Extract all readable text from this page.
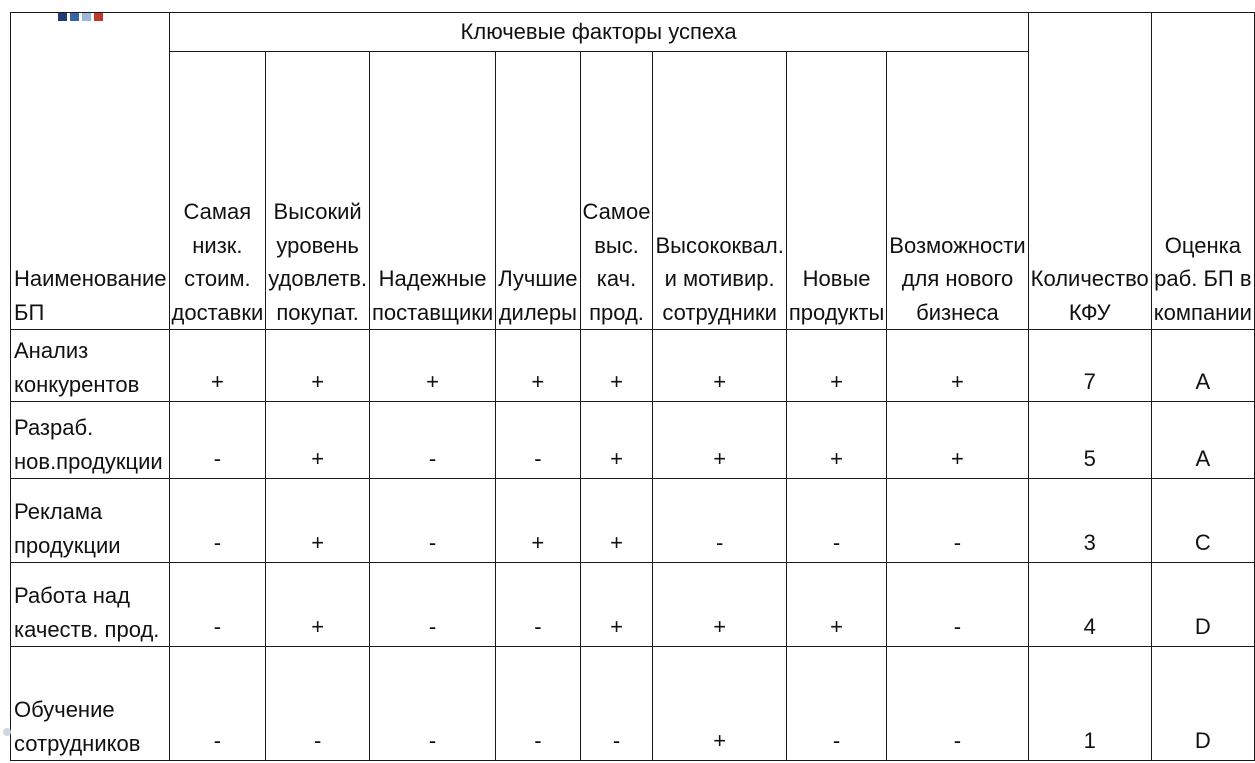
Наименование БП	Ключевые факторы успеха								Количество КФУ	Оценка раб. БП в компании
	Самая низк. стоим. доставки	Высокий уровень удовлетв. покупат.	Надежные поставщики	Лучшие дилеры	Самое выс. кач. прод.	Высококвал. и мотивир. сотрудники	Новые продукты	Возможности для нового бизнеса		
Анализ конкурентов	+	+	+	+	+	+	+	+	7	A
Разраб. нов.продукции	-	+	-	-	+	+	+	+	5	A
Реклама продукции	-	+	-	+	+	-	-	-	3	C
Работа над качеств. прод.	-	+	-	-	+	+	+	-	4	D
Обучение сотрудников	-	-	-	-	-	+	-	-	1	D
